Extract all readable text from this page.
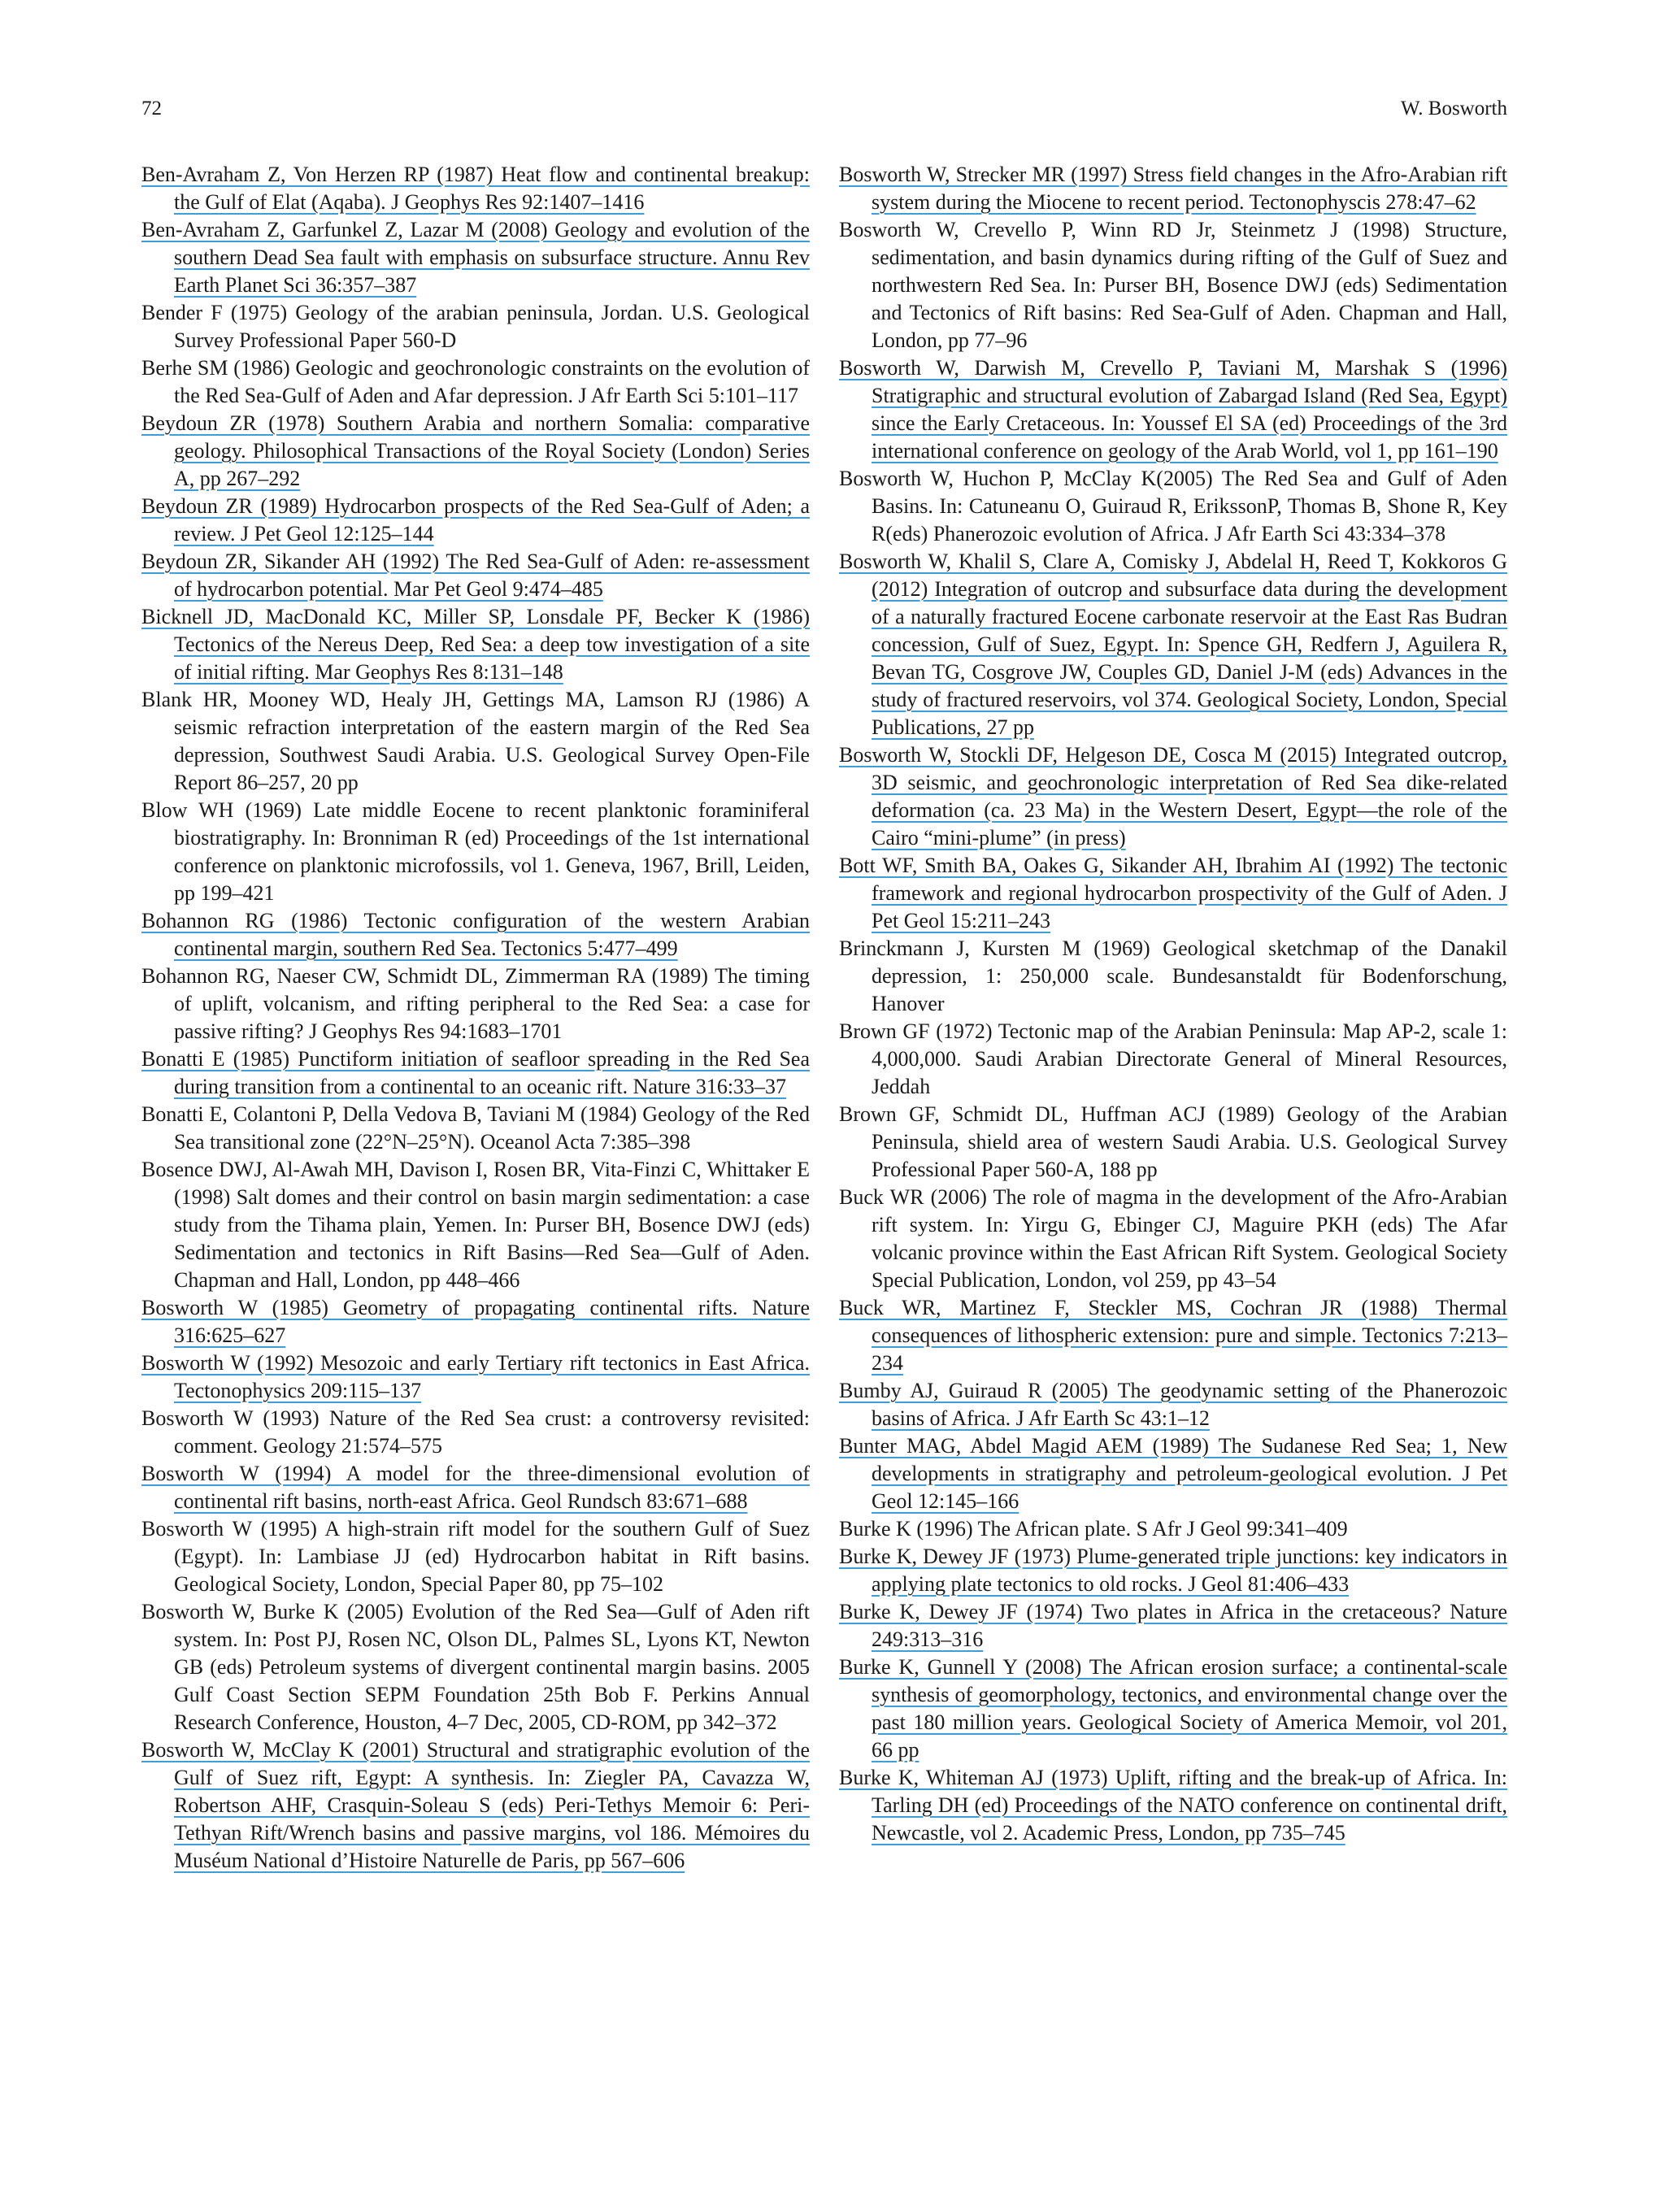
72	W. Bosworth

Ben-Avraham Z, Von Herzen RP (1987) Heat flow and continental breakup: the Gulf of Elat (Aqaba). J Geophys Res 92:1407–1416

Ben-Avraham Z, Garfunkel Z, Lazar M (2008) Geology and evolution of the southern Dead Sea fault with emphasis on subsurface structure. Annu Rev Earth Planet Sci 36:357–387

Bender F (1975) Geology of the arabian peninsula, Jordan. U.S. Geological Survey Professional Paper 560-D

Berhe SM (1986) Geologic and geochronologic constraints on the evolution of the Red Sea-Gulf of Aden and Afar depression. J Afr Earth Sci 5:101–117

Beydoun ZR (1978) Southern Arabia and northern Somalia: comparative geology. Philosophical Transactions of the Royal Society (London) Series A, pp 267–292

Beydoun ZR (1989) Hydrocarbon prospects of the Red Sea-Gulf of Aden; a review. J Pet Geol 12:125–144

Beydoun ZR, Sikander AH (1992) The Red Sea-Gulf of Aden: re-assessment of hydrocarbon potential. Mar Pet Geol 9:474–485

Bicknell JD, MacDonald KC, Miller SP, Lonsdale PF, Becker K (1986) Tectonics of the Nereus Deep, Red Sea: a deep tow investigation of a site of initial rifting. Mar Geophys Res 8:131–148

Blank HR, Mooney WD, Healy JH, Gettings MA, Lamson RJ (1986) A seismic refraction interpretation of the eastern margin of the Red Sea depression, Southwest Saudi Arabia. U.S. Geological Survey Open-File Report 86–257, 20 pp

Blow WH (1969) Late middle Eocene to recent planktonic foraminiferal biostratigraphy. In: Bronniman R (ed) Proceedings of the 1st international conference on planktonic microfossils, vol 1. Geneva, 1967, Brill, Leiden, pp 199–421

Bohannon RG (1986) Tectonic configuration of the western Arabian continental margin, southern Red Sea. Tectonics 5:477–499

Bohannon RG, Naeser CW, Schmidt DL, Zimmerman RA (1989) The timing of uplift, volcanism, and rifting peripheral to the Red Sea: a case for passive rifting? J Geophys Res 94:1683–1701

Bonatti E (1985) Punctiform initiation of seafloor spreading in the Red Sea during transition from a continental to an oceanic rift. Nature 316:33–37

Bonatti E, Colantoni P, Della Vedova B, Taviani M (1984) Geology of the Red Sea transitional zone (22°N–25°N). Oceanol Acta 7:385–398

Bosence DWJ, Al-Awah MH, Davison I, Rosen BR, Vita-Finzi C, Whittaker E (1998) Salt domes and their control on basin margin sedimentation: a case study from the Tihama plain, Yemen. In: Purser BH, Bosence DWJ (eds) Sedimentation and tectonics in Rift Basins—Red Sea—Gulf of Aden. Chapman and Hall, London, pp 448–466

Bosworth W (1985) Geometry of propagating continental rifts. Nature 316:625–627

Bosworth W (1992) Mesozoic and early Tertiary rift tectonics in East Africa. Tectonophysics 209:115–137

Bosworth W (1993) Nature of the Red Sea crust: a controversy revisited: comment. Geology 21:574–575

Bosworth W (1994) A model for the three-dimensional evolution of continental rift basins, north-east Africa. Geol Rundsch 83:671–688

Bosworth W (1995) A high-strain rift model for the southern Gulf of Suez (Egypt). In: Lambiase JJ (ed) Hydrocarbon habitat in Rift basins. Geological Society, London, Special Paper 80, pp 75–102

Bosworth W, Burke K (2005) Evolution of the Red Sea—Gulf of Aden rift system. In: Post PJ, Rosen NC, Olson DL, Palmes SL, Lyons KT, Newton GB (eds) Petroleum systems of divergent continental margin basins. 2005 Gulf Coast Section SEPM Foundation 25th Bob F. Perkins Annual Research Conference, Houston, 4–7 Dec, 2005, CD-ROM, pp 342–372

Bosworth W, McClay K (2001) Structural and stratigraphic evolution of the Gulf of Suez rift, Egypt: A synthesis. In: Ziegler PA, Cavazza W, Robertson AHF, Crasquin-Soleau S (eds) Peri-Tethys Memoir 6: Peri-Tethyan Rift/Wrench basins and passive margins, vol 186. Mémoires du Muséum National d’Histoire Naturelle de Paris, pp 567–606

Bosworth W, Strecker MR (1997) Stress field changes in the Afro-Arabian rift system during the Miocene to recent period. Tectonophyscis 278:47–62

Bosworth W, Crevello P, Winn RD Jr, Steinmetz J (1998) Structure, sedimentation, and basin dynamics during rifting of the Gulf of Suez and northwestern Red Sea. In: Purser BH, Bosence DWJ (eds) Sedimentation and Tectonics of Rift basins: Red Sea-Gulf of Aden. Chapman and Hall, London, pp 77–96

Bosworth W, Darwish M, Crevello P, Taviani M, Marshak S (1996) Stratigraphic and structural evolution of Zabargad Island (Red Sea, Egypt) since the Early Cretaceous. In: Youssef El SA (ed) Proceedings of the 3rd international conference on geology of the Arab World, vol 1, pp 161–190

Bosworth W, Huchon P, McClay K(2005) The Red Sea and Gulf of Aden Basins. In: Catuneanu O, Guiraud R, ErikssonP, Thomas B, Shone R, Key R(eds) Phanerozoic evolution of Africa. J Afr Earth Sci 43:334–378

Bosworth W, Khalil S, Clare A, Comisky J, Abdelal H, Reed T, Kokkoros G (2012) Integration of outcrop and subsurface data during the development of a naturally fractured Eocene carbonate reservoir at the East Ras Budran concession, Gulf of Suez, Egypt. In: Spence GH, Redfern J, Aguilera R, Bevan TG, Cosgrove JW, Couples GD, Daniel J-M (eds) Advances in the study of fractured reservoirs, vol 374. Geological Society, London, Special Publications, 27 pp

Bosworth W, Stockli DF, Helgeson DE, Cosca M (2015) Integrated outcrop, 3D seismic, and geochronologic interpretation of Red Sea dike-related deformation (ca. 23 Ma) in the Western Desert, Egypt—the role of the Cairo “mini-plume” (in press)

Bott WF, Smith BA, Oakes G, Sikander AH, Ibrahim AI (1992) The tectonic framework and regional hydrocarbon prospectivity of the Gulf of Aden. J Pet Geol 15:211–243

Brinckmann J, Kursten M (1969) Geological sketchmap of the Danakil depression, 1: 250,000 scale. Bundesanstaldt für Bodenforschung, Hanover

Brown GF (1972) Tectonic map of the Arabian Peninsula: Map AP-2, scale 1: 4,000,000. Saudi Arabian Directorate General of Mineral Resources, Jeddah

Brown GF, Schmidt DL, Huffman ACJ (1989) Geology of the Arabian Peninsula, shield area of western Saudi Arabia. U.S. Geological Survey Professional Paper 560-A, 188 pp

Buck WR (2006) The role of magma in the development of the Afro-Arabian rift system. In: Yirgu G, Ebinger CJ, Maguire PKH (eds) The Afar volcanic province within the East African Rift System. Geological Society Special Publication, London, vol 259, pp 43–54

Buck WR, Martinez F, Steckler MS, Cochran JR (1988) Thermal consequences of lithospheric extension: pure and simple. Tectonics 7:213–234

Bumby AJ, Guiraud R (2005) The geodynamic setting of the Phanerozoic basins of Africa. J Afr Earth Sc 43:1–12

Bunter MAG, Abdel Magid AEM (1989) The Sudanese Red Sea; 1, New developments in stratigraphy and petroleum-geological evolution. J Pet Geol 12:145–166

Burke K (1996) The African plate. S Afr J Geol 99:341–409

Burke K, Dewey JF (1973) Plume-generated triple junctions: key indicators in applying plate tectonics to old rocks. J Geol 81:406–433

Burke K, Dewey JF (1974) Two plates in Africa in the cretaceous? Nature 249:313–316

Burke K, Gunnell Y (2008) The African erosion surface; a continental-scale synthesis of geomorphology, tectonics, and environmental change over the past 180 million years. Geological Society of America Memoir, vol 201, 66 pp

Burke K, Whiteman AJ (1973) Uplift, rifting and the break-up of Africa. In: Tarling DH (ed) Proceedings of the NATO conference on continental drift, Newcastle, vol 2. Academic Press, London, pp 735–745
